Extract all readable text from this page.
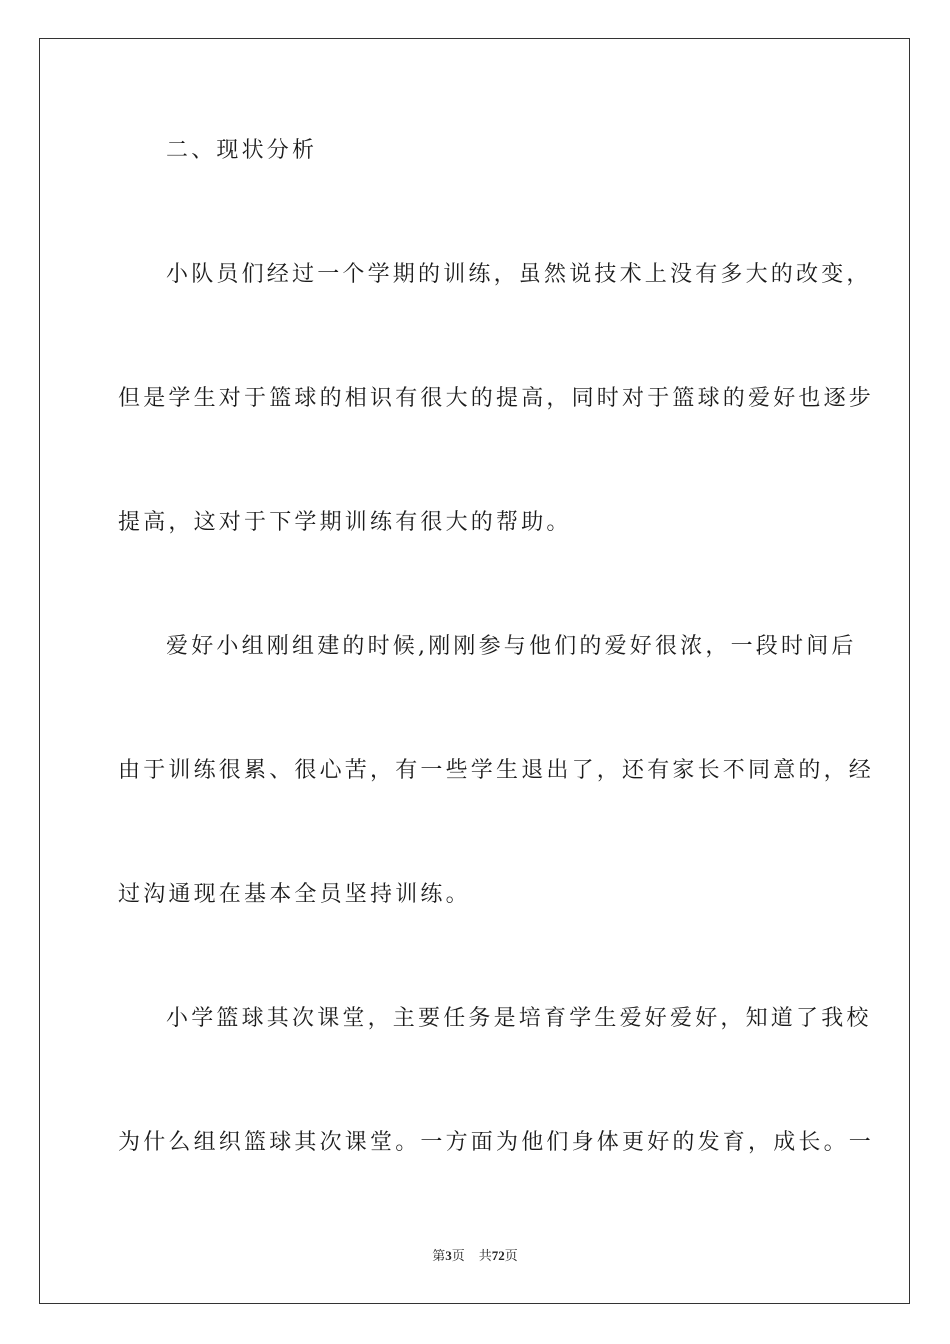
二、现状分析

小队员们经过一个学期的训练，虽然说技术上没有多大的改变，

但是学生对于篮球的相识有很大的提高，同时对于篮球的爱好也逐步

提高，这对于下学期训练有很大的帮助。

爱好小组刚组建的时候,刚刚参与他们的爱好很浓，一段时间后

由于训练很累、很心苦，有一些学生退出了，还有家长不同意的，经

过沟通现在基本全员坚持训练。

小学篮球其次课堂，主要任务是培育学生爱好爱好，知道了我校

为什么组织篮球其次课堂。一方面为他们身体更好的发育，成长。一

第3页 共72页
